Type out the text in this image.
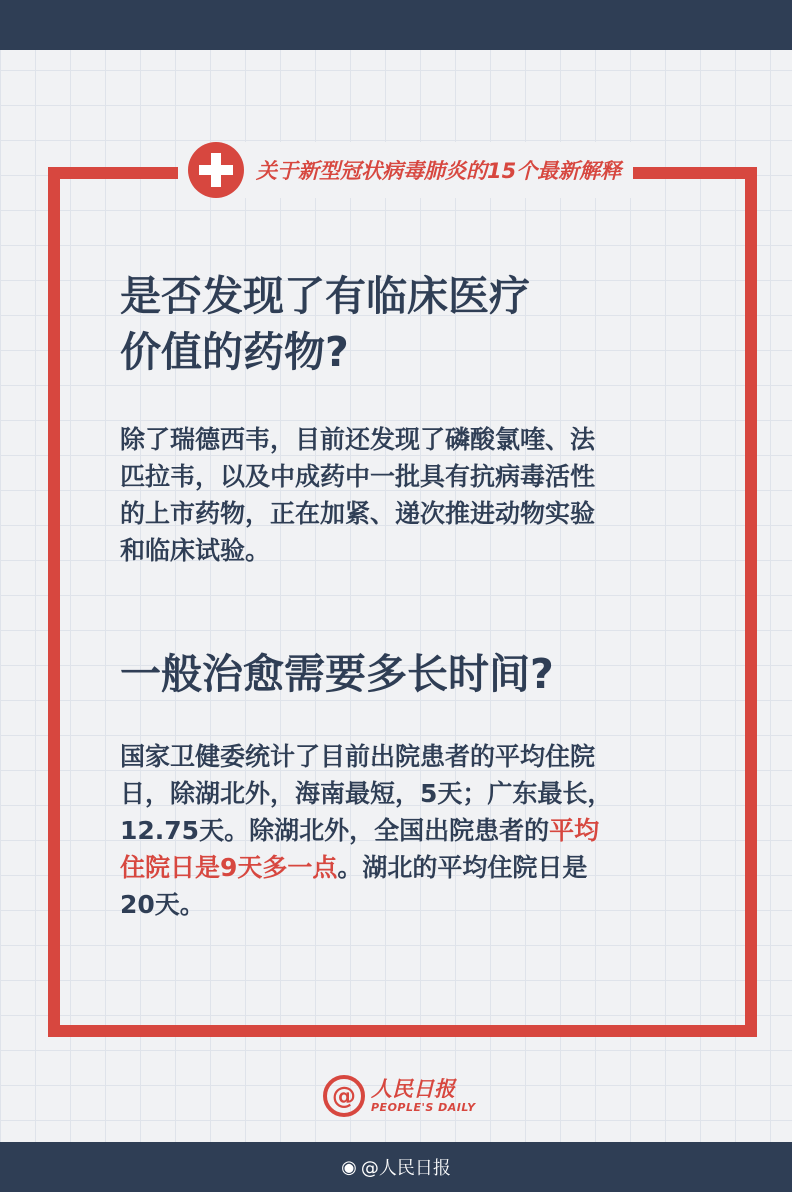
关于新型冠状病毒肺炎的15个最新解释
是否发现了有临床医疗
价值的药物?

除了瑞德西韦，目前还发现了磷酸氯喹、法
匹拉韦，以及中成药中一批具有抗病毒活性
的上市药物，正在加紧、递次推进动物实验
和临床试验。

一般治愈需要多长时间?

国家卫健委统计了目前出院患者的平均住院
日，除湖北外，海南最短，5天；广东最长，
12.75天。除湖北外，全国出院患者的平均
住院日是9天多一点。湖北的平均住院日是
20天。

@ 人民日报
PEOPLE'S DAILY
◉ @人民日报
